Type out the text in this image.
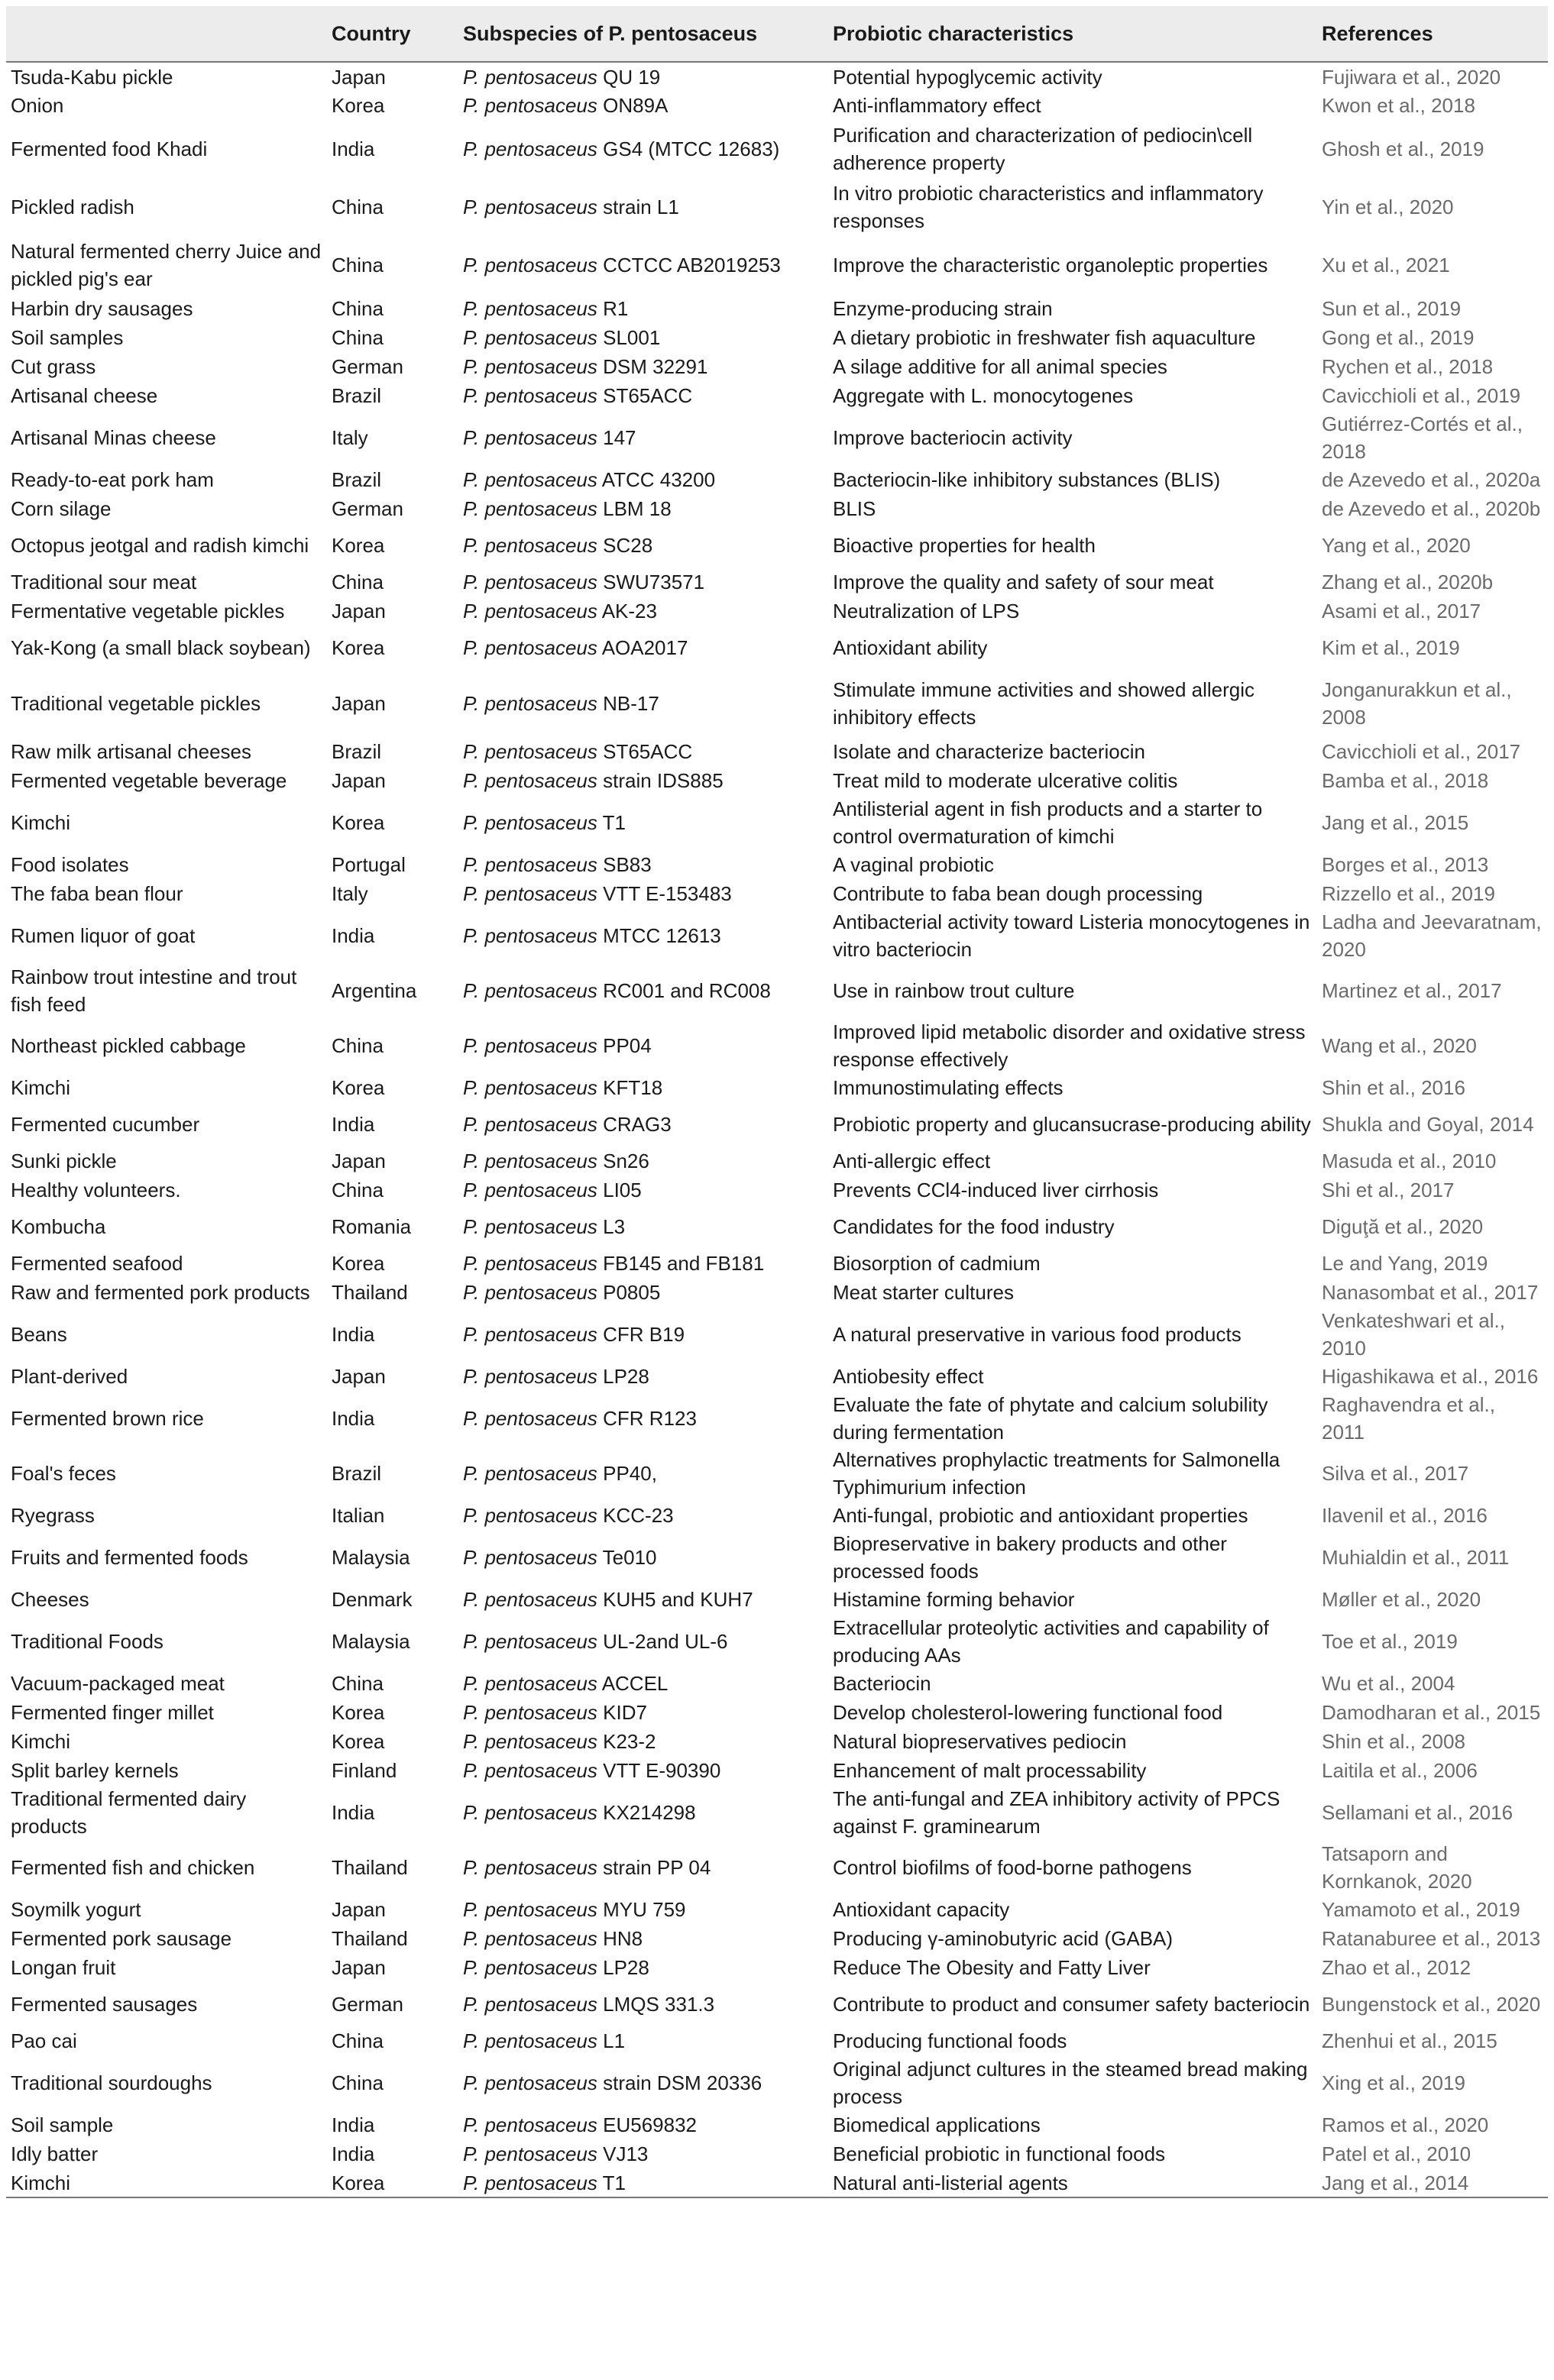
	Country	Subspecies of P. pentosaceus	Probiotic characteristics	References
Tsuda-Kabu pickle	Japan	P. pentosaceus QU 19	Potential hypoglycemic activity	Fujiwara et al., 2020
Onion	Korea	P. pentosaceus ON89A	Anti-inflammatory effect	Kwon et al., 2018
Fermented food Khadi	India	P. pentosaceus GS4 (MTCC 12683)	Purification and characterization of pediocin\cell adherence property	Ghosh et al., 2019
Pickled radish	China	P. pentosaceus strain L1	In vitro probiotic characteristics and inflammatory responses	Yin et al., 2020
Natural fermented cherry Juice and pickled pig's ear	China	P. pentosaceus CCTCC AB2019253	Improve the characteristic organoleptic properties	Xu et al., 2021
Harbin dry sausages	China	P. pentosaceus R1	Enzyme-producing strain	Sun et al., 2019
Soil samples	China	P. pentosaceus SL001	A dietary probiotic in freshwater fish aquaculture	Gong et al., 2019
Cut grass	German	P. pentosaceus DSM 32291	A silage additive for all animal species	Rychen et al., 2018
Artisanal cheese	Brazil	P. pentosaceus ST65ACC	Aggregate with L. monocytogenes	Cavicchioli et al., 2019
Artisanal Minas cheese	Italy	P. pentosaceus 147	Improve bacteriocin activity	Gutiérrez-Cortés et al., 2018
Ready-to-eat pork ham	Brazil	P. pentosaceus ATCC 43200	Bacteriocin-like inhibitory substances (BLIS)	de Azevedo et al., 2020a
Corn silage	German	P. pentosaceus LBM 18	BLIS	de Azevedo et al., 2020b
Octopus jeotgal and radish kimchi	Korea	P. pentosaceus SC28	Bioactive properties for health	Yang et al., 2020
Traditional sour meat	China	P. pentosaceus SWU73571	Improve the quality and safety of sour meat	Zhang et al., 2020b
Fermentative vegetable pickles	Japan	P. pentosaceus AK-23	Neutralization of LPS	Asami et al., 2017
Yak-Kong (a small black soybean)	Korea	P. pentosaceus AOA2017	Antioxidant ability	Kim et al., 2019
Traditional vegetable pickles	Japan	P. pentosaceus NB-17	Stimulate immune activities and showed allergic inhibitory effects	Jonganurakkun et al., 2008
Raw milk artisanal cheeses	Brazil	P. pentosaceus ST65ACC	Isolate and characterize bacteriocin	Cavicchioli et al., 2017
Fermented vegetable beverage	Japan	P. pentosaceus strain IDS885	Treat mild to moderate ulcerative colitis	Bamba et al., 2018
Kimchi	Korea	P. pentosaceus T1	Antilisterial agent in fish products and a starter to control overmaturation of kimchi	Jang et al., 2015
Food isolates	Portugal	P. pentosaceus SB83	A vaginal probiotic	Borges et al., 2013
The faba bean flour	Italy	P. pentosaceus VTT E-153483	Contribute to faba bean dough processing	Rizzello et al., 2019
Rumen liquor of goat	India	P. pentosaceus MTCC 12613	Antibacterial activity toward Listeria monocytogenes in vitro bacteriocin	Ladha and Jeevaratnam, 2020
Rainbow trout intestine and trout fish feed	Argentina	P. pentosaceus RC001 and RC008	Use in rainbow trout culture	Martinez et al., 2017
Northeast pickled cabbage	China	P. pentosaceus PP04	Improved lipid metabolic disorder and oxidative stress response effectively	Wang et al., 2020
Kimchi	Korea	P. pentosaceus KFT18	Immunostimulating effects	Shin et al., 2016
Fermented cucumber	India	P. pentosaceus CRAG3	Probiotic property and glucansucrase-producing ability	Shukla and Goyal, 2014
Sunki pickle	Japan	P. pentosaceus Sn26	Anti-allergic effect	Masuda et al., 2010
Healthy volunteers.	China	P. pentosaceus LI05	Prevents CCl4-induced liver cirrhosis	Shi et al., 2017
Kombucha	Romania	P. pentosaceus L3	Candidates for the food industry	Diguţă et al., 2020
Fermented seafood	Korea	P. pentosaceus FB145 and FB181	Biosorption of cadmium	Le and Yang, 2019
Raw and fermented pork products	Thailand	P. pentosaceus P0805	Meat starter cultures	Nanasombat et al., 2017
Beans	India	P. pentosaceus CFR B19	A natural preservative in various food products	Venkateshwari et al., 2010
Plant-derived	Japan	P. pentosaceus LP28	Antiobesity effect	Higashikawa et al., 2016
Fermented brown rice	India	P. pentosaceus CFR R123	Evaluate the fate of phytate and calcium solubility during fermentation	Raghavendra et al., 2011
Foal's feces	Brazil	P. pentosaceus PP40,	Alternatives prophylactic treatments for Salmonella Typhimurium infection	Silva et al., 2017
Ryegrass	Italian	P. pentosaceus KCC-23	Anti-fungal, probiotic and antioxidant properties	Ilavenil et al., 2016
Fruits and fermented foods	Malaysia	P. pentosaceus Te010	Biopreservative in bakery products and other processed foods	Muhialdin et al., 2011
Cheeses	Denmark	P. pentosaceus KUH5 and KUH7	Histamine forming behavior	Møller et al., 2020
Traditional Foods	Malaysia	P. pentosaceus UL-2and UL-6	Extracellular proteolytic activities and capability of producing AAs	Toe et al., 2019
Vacuum-packaged meat	China	P. pentosaceus ACCEL	Bacteriocin	Wu et al., 2004
Fermented finger millet	Korea	P. pentosaceus KID7	Develop cholesterol-lowering functional food	Damodharan et al., 2015
Kimchi	Korea	P. pentosaceus K23-2	Natural biopreservatives pediocin	Shin et al., 2008
Split barley kernels	Finland	P. pentosaceus VTT E-90390	Enhancement of malt processability	Laitila et al., 2006
Traditional fermented dairy products	India	P. pentosaceus KX214298	The anti-fungal and ZEA inhibitory activity of PPCS against F. graminearum	Sellamani et al., 2016
Fermented fish and chicken	Thailand	P. pentosaceus strain PP 04	Control biofilms of food-borne pathogens	Tatsaporn and Kornkanok, 2020
Soymilk yogurt	Japan	P. pentosaceus MYU 759	Antioxidant capacity	Yamamoto et al., 2019
Fermented pork sausage	Thailand	P. pentosaceus HN8	Producing γ-aminobutyric acid (GABA)	Ratanaburee et al., 2013
Longan fruit	Japan	P. pentosaceus LP28	Reduce The Obesity and Fatty Liver	Zhao et al., 2012
Fermented sausages	German	P. pentosaceus LMQS 331.3	Contribute to product and consumer safety bacteriocin	Bungenstock et al., 2020
Pao cai	China	P. pentosaceus L1	Producing functional foods	Zhenhui et al., 2015
Traditional sourdoughs	China	P. pentosaceus strain DSM 20336	Original adjunct cultures in the steamed bread making process	Xing et al., 2019
Soil sample	India	P. pentosaceus EU569832	Biomedical applications	Ramos et al., 2020
Idly batter	India	P. pentosaceus VJ13	Beneficial probiotic in functional foods	Patel et al., 2010
Kimchi	Korea	P. pentosaceus T1	Natural anti-listerial agents	Jang et al., 2014
